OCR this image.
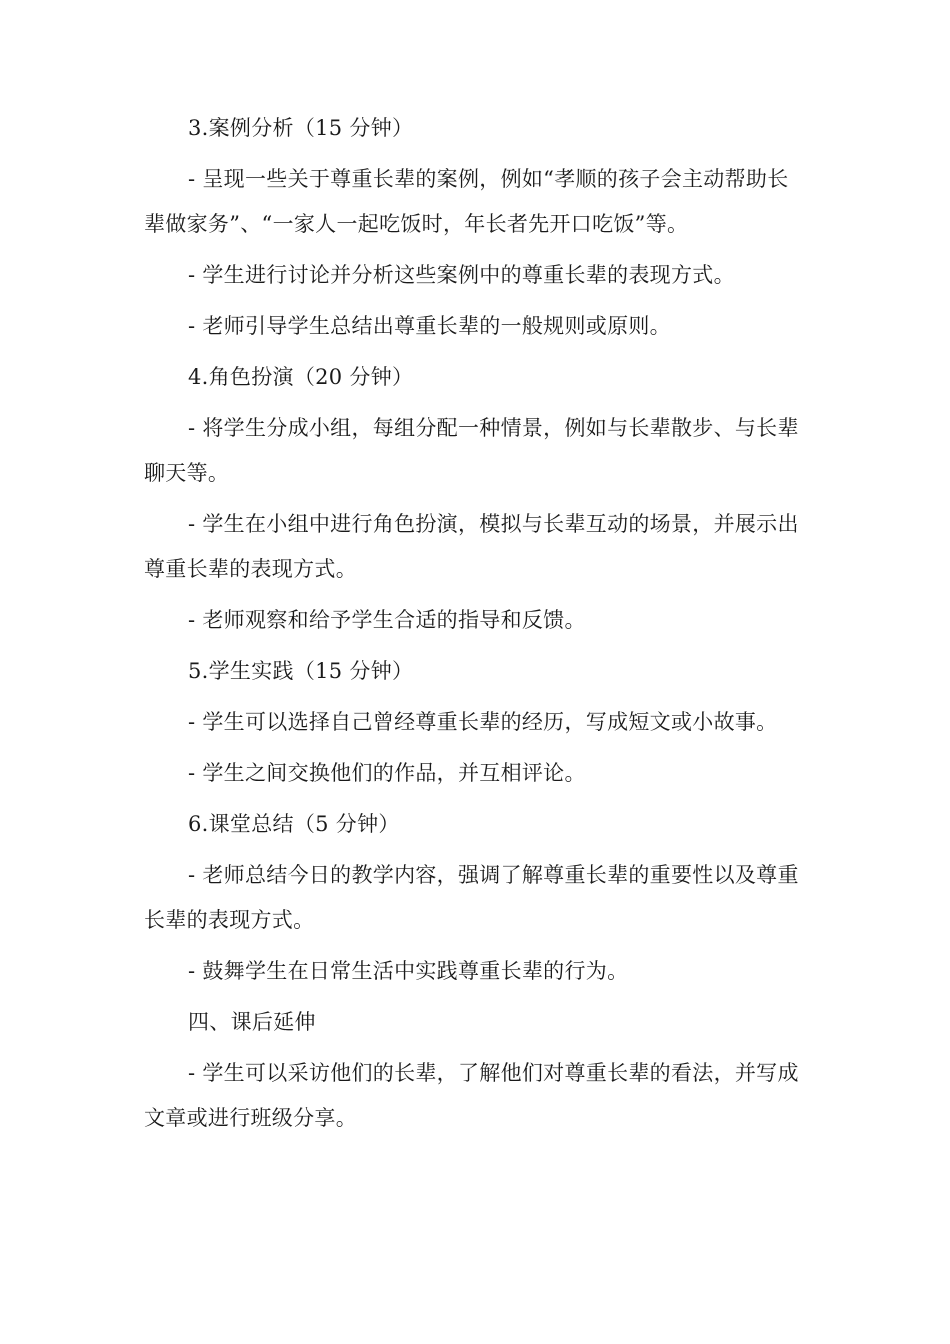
3.案例分析（15 分钟）

- 呈现一些关于尊重长辈的案例，例如“孝顺的孩子会主动帮助长辈做家务”、“一家人一起吃饭时，年长者先开口吃饭”等。

- 学生进行讨论并分析这些案例中的尊重长辈的表现方式。

- 老师引导学生总结出尊重长辈的一般规则或原则。

4.角色扮演（20 分钟）

- 将学生分成小组，每组分配一种情景，例如与长辈散步、与长辈聊天等。

- 学生在小组中进行角色扮演，模拟与长辈互动的场景，并展示出尊重长辈的表现方式。

- 老师观察和给予学生合适的指导和反馈。

5.学生实践（15 分钟）

- 学生可以选择自己曾经尊重长辈的经历，写成短文或小故事。

- 学生之间交换他们的作品，并互相评论。

6.课堂总结（5 分钟）

- 老师总结今日的教学内容，强调了解尊重长辈的重要性以及尊重长辈的表现方式。

- 鼓舞学生在日常生活中实践尊重长辈的行为。

四、课后延伸

- 学生可以采访他们的长辈，了解他们对尊重长辈的看法，并写成文章或进行班级分享。
